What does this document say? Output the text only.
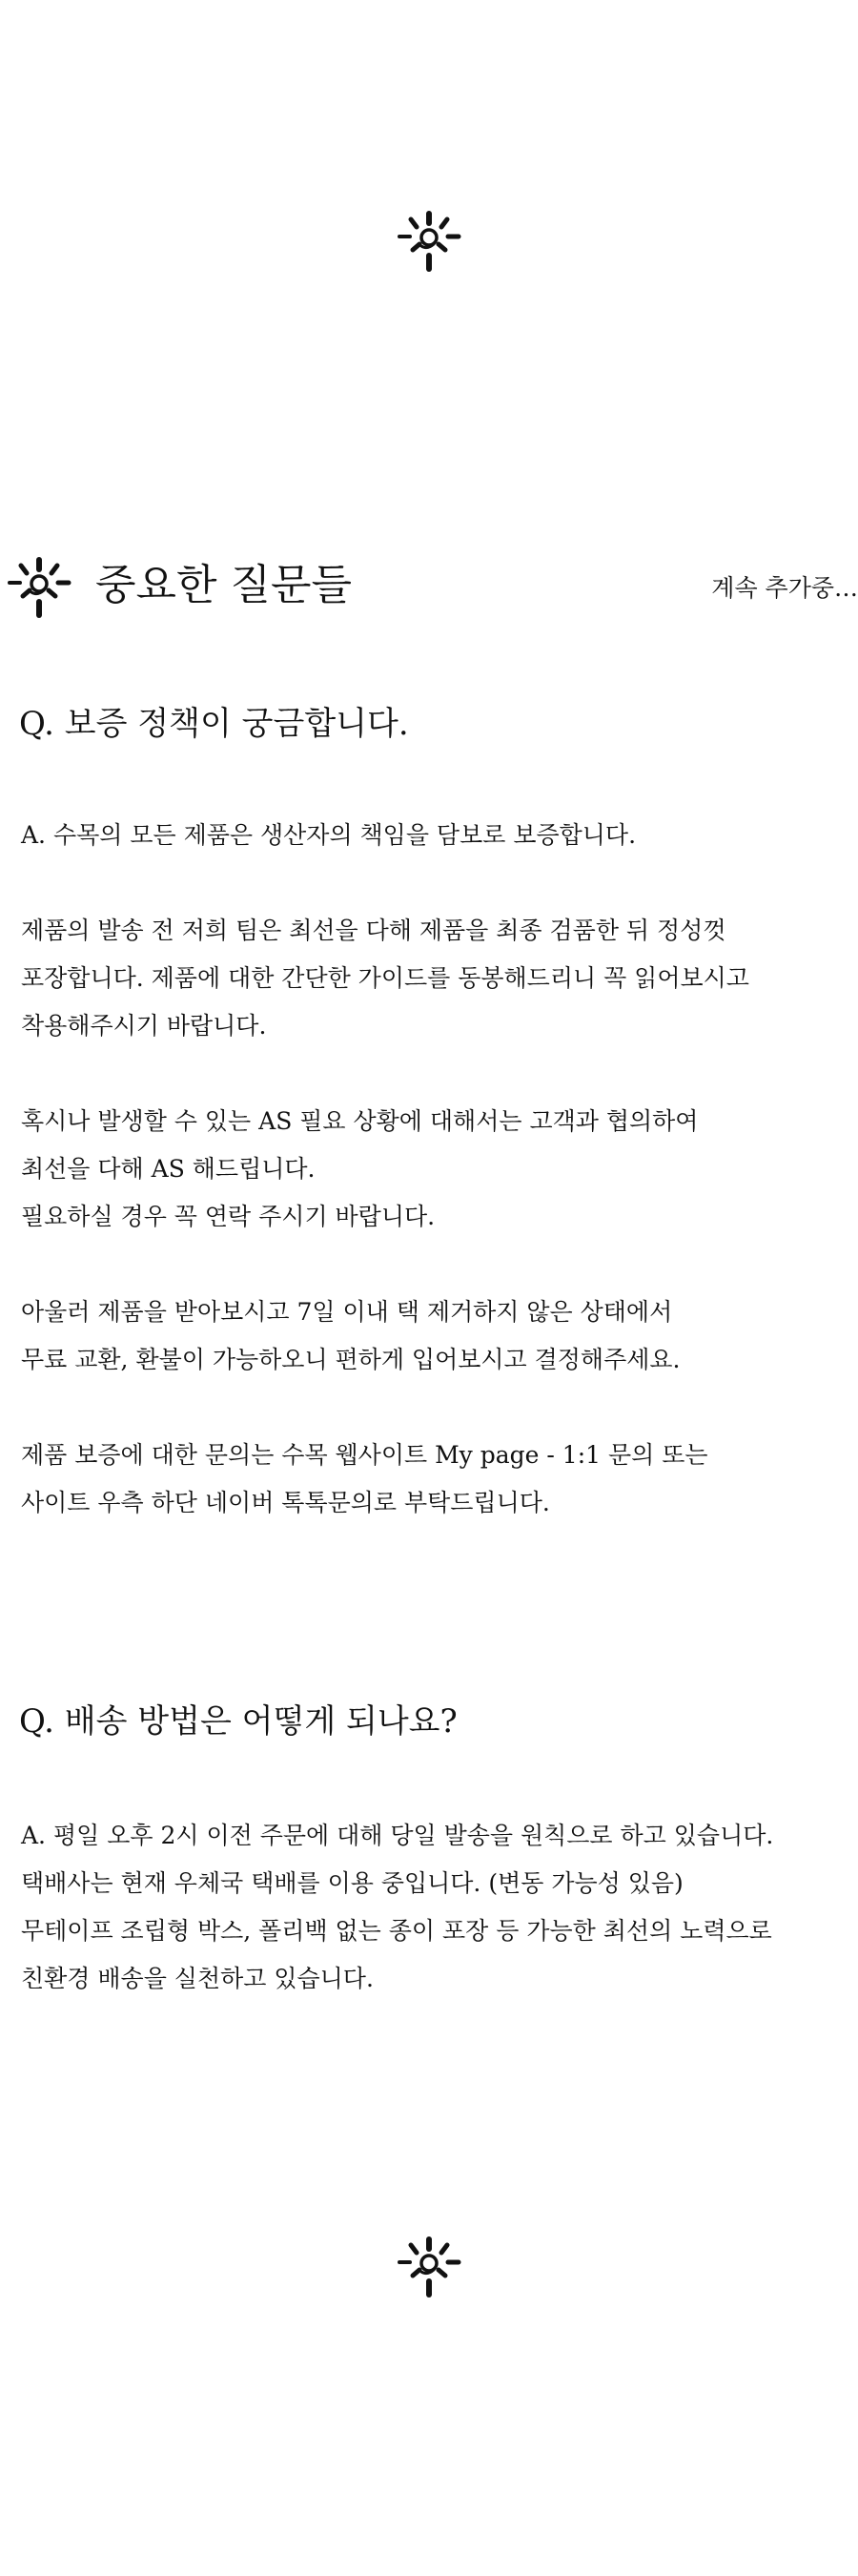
중요한 질문들	계속 추가중…
Q. 보증 정책이 궁금합니다.
A. 수목의 모든 제품은 생산자의 책임을 담보로 보증합니다.
제품의 발송 전 저희 팀은 최선을 다해 제품을 최종 검품한 뒤 정성껏
포장합니다. 제품에 대한 간단한 가이드를 동봉해드리니 꼭 읽어보시고
착용해주시기 바랍니다.
혹시나 발생할 수 있는 AS 필요 상황에 대해서는 고객과 협의하여
최선을 다해 AS 해드립니다.
필요하실 경우 꼭 연락 주시기 바랍니다.
아울러 제품을 받아보시고 7일 이내 택 제거하지 않은 상태에서
무료 교환, 환불이 가능하오니 편하게 입어보시고 결정해주세요.
제품 보증에 대한 문의는 수목 웹사이트 My page - 1:1 문의 또는
사이트 우측 하단 네이버 톡톡문의로 부탁드립니다.
Q. 배송 방법은 어떻게 되나요?
A. 평일 오후 2시 이전 주문에 대해 당일 발송을 원칙으로 하고 있습니다.
택배사는 현재 우체국 택배를 이용 중입니다. (변동 가능성 있음)
무테이프 조립형 박스, 폴리백 없는 종이 포장 등 가능한 최선의 노력으로
친환경 배송을 실천하고 있습니다.
